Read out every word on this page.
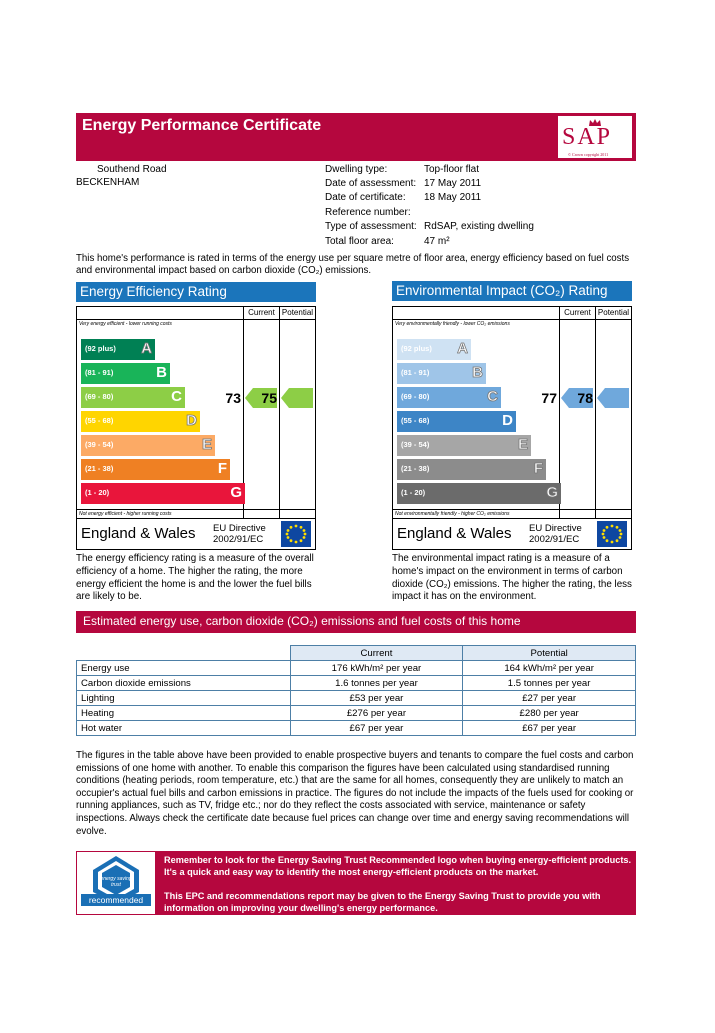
Energy Performance Certificate	SAP
© Crown copyright 2011
Southend Road
BECKENHAM
Dwelling type:	Top-floor flat
Date of assessment: 17 May 2011
Date of certificate: 18 May 2011
Reference number:
Type of assessment: RdSAP, existing dwelling
Total floor area:	47 m²
This home's performance is rated in terms of the energy use per square metre of floor area, energy efficiency based on fuel costs and environmental impact based on carbon dioxide (CO₂) emissions.
Energy Efficiency Rating
Current Potential
Very energy efficient - lower running costs
Not energy efficient - higher running costs
(92 plus) A
(81 - 91)	B
(69 - 80)	C
(55 - 68)	D
(39 - 54)	E
(21 - 38)	F
(1 - 20)	G
73 75
England & Wales EU Directive
2002/91/EC
Environmental Impact (CO₂) Rating
Current Potential
Very environmentally friendly - lower CO₂ emissions
Not environmentally friendly - higher CO₂ emissions
(92 plus) A
(81 - 91)	B
(69 - 80)	C
(55 - 68)	D
(39 - 54)	E
(21 - 38)	F
(1 - 20)	G
77 78
England & Wales EU Directive
2002/91/EC
The energy efficiency rating is a measure of the overall efficiency of a home. The higher the rating, the more energy efficient the home is and the lower the fuel bills are likely to be.
The environmental impact rating is a measure of a home's impact on the environment in terms of carbon dioxide (CO₂) emissions. The higher the rating, the less impact it has on the environment.
Estimated energy use, carbon dioxide (CO₂) emissions and fuel costs of this home
	Current	Potential
Energy use	176 kWh/m² per year	164 kWh/m² per year
Carbon dioxide emissions	1.6 tonnes per year	1.5 tonnes per year
Lighting	£53 per year	£27 per year
Heating	£276 per year	£280 per year
Hot water	£67 per year	£67 per year
The figures in the table above have been provided to enable prospective buyers and tenants to compare the fuel costs and carbon emissions of one home with another. To enable this comparison the figures have been calculated using standardised running conditions (heating periods, room temperature, etc.) that are the same for all homes, consequently they are unlikely to match an occupier's actual fuel bills and carbon emissions in practice. The figures do not include the impacts of the fuels used for cooking or running appliances, such as TV, fridge etc.; nor do they reflect the costs associated with service, maintenance or safety inspections. Always check the certificate date because fuel prices can change over time and energy saving recommendations will evolve.
energy saving trust
recommended
Remember to look for the Energy Saving Trust Recommended logo when buying energy-efficient products. It's a quick and easy way to identify the most energy-efficient products on the market.
This EPC and recommendations report may be given to the Energy Saving Trust to provide you with information on improving your dwelling's energy performance.
